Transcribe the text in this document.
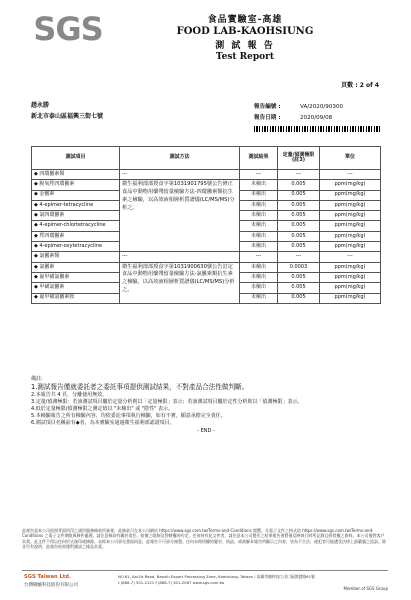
SGS	食品實驗室-高雄
FOOD LAB-KAOHSIUNG
測 試 報 告
Test Report
頁數 : 2 of 4
趙永勝
新北市泰山區福興三街七號
報告編號 :	VA/2020/90300
報告日期 :	2020/09/08
測試項目	測試方法	測試結果	定量/偵測極限(註3)	單位
◆ 四環黴素類	---	---	---	---
◆ 脫氧羥四環黴素	衛生福利部部授食字第1031901795號公告修正食品中動物用藥殘留量檢驗方法-四環黴素類抗生素之檢驗，以高效液相層析質譜儀(LC/MS/MS)分析之。	未檢出	0.005	ppm(mg/kg)
◆ 金黴素		未檢出	0.005	ppm(mg/kg)
◆ 4-epimer-tetracycline		未檢出	0.005	ppm(mg/kg)
◆ 氯四環黴素		未檢出	0.005	ppm(mg/kg)
◆ 4-epimer-chlortetracycline		未檢出	0.005	ppm(mg/kg)
◆ 羥四環黴素		未檢出	0.005	ppm(mg/kg)
◆ 4-epimer-oxytetracycline		未檢出	0.005	ppm(mg/kg)
◆ 氯黴素類	---	---	---	---
◆ 氯黴素	衛生福利部部授食字第1031900630號公告訂定食品中動物用藥殘留量檢驗方法-氯黴素類抗生素之檢驗，以高效液相層析質譜儀(LC/MS/MS)分析之。	未檢出	0.0003	ppm(mg/kg)
◆ 氟甲磺氯黴素		未檢出	0.005	ppm(mg/kg)
◆ 甲磺氯黴素		未檢出	0.005	ppm(mg/kg)
◆ 氟甲磺氯黴素胺		未檢出	0.005	ppm(mg/kg)
備註:
1.測試報告僅就委託者之委託事項提供測試結果，不對產品合法性做判斷。
2.本報告共 4 頁，分離使用無效。
3.定量/偵測極限：若該測試項目屬於定量分析則以「定量極限」表示；若該測試項目屬於定性分析則以「偵測極限」表示。
4.低於定量極限/偵測極限之測定值以 "未檢出" 或 "陰性" 表示。
5.本檢驗報告之所有檢驗內容，均依委託事項執行檢驗，如有不實，願意承擔完全責任。
6.測試項目名稱前有◆者，為本實驗室通過衛生福利部認證項目。
- END -
此報告是本公司依照背面所印之通用服務條款所簽發，此條款可在本公司網站 https://www.sgs.com.tw/Terms-and-Conditions 閱覽，凡電子文件之格式依 https://www.sgs.com.tw/Terms-and-Conditions 之電子文件期限與條件處理。請注意條款有關於責任、賠償之限制及管轄權的約定。任何持有此文件者，請注意本公司製作之結果報告書將僅反映執行時所記錄且經授權之資料。本公司僅對客戶負責。此文件不得以任何形式複印或摘錄，未經本公司事先書面同意，此報告不可部分複製。任何未經授權的變更、偽造、或曲解本報告所顯示之內容，皆為不合法，違犯者可能遭受法律上最嚴厲之追訴。除非另有說明，此報告結果僅對測試之樣品負責。
SGS Taiwan Ltd.
台灣檢驗科技股份有限公司
NO.61, Kai-Fa Road, Nanzih Export Processing Zone, Kaohsiung, Taiwan / 高雄市楠梓加工出口區開發路61號
t (886-7) 301-2121 f (886-7) 301-2067 www.sgs.com.tw
Member of SGS Group
